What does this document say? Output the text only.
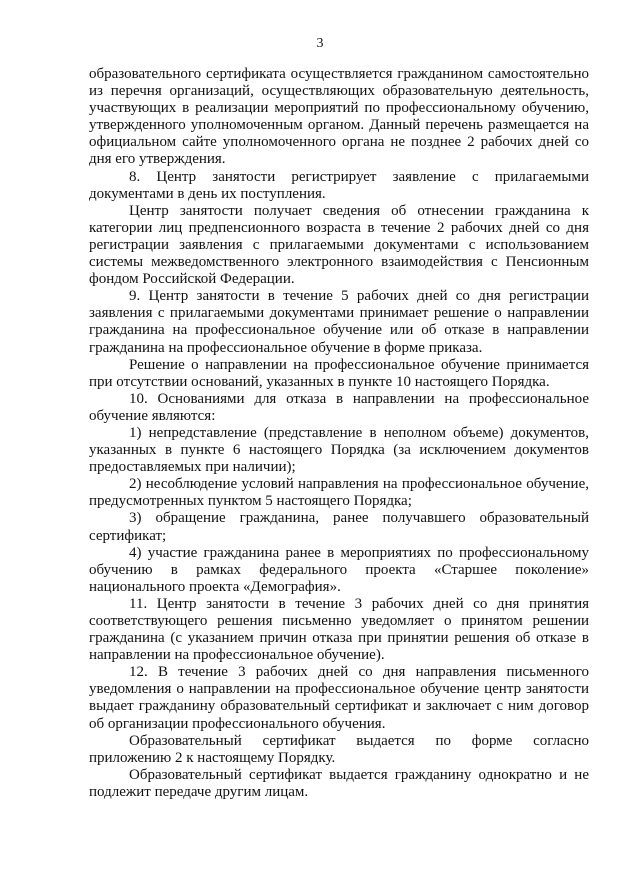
3

образовательного сертификата осуществляется гражданином самостоятельно из перечня организаций, осуществляющих образовательную деятельность, участвующих в реализации мероприятий по профессиональному обучению, утвержденного уполномоченным органом. Данный перечень размещается на официальном сайте уполномоченного органа не позднее 2 рабочих дней со дня его утверждения.

8. Центр занятости регистрирует заявление с прилагаемыми документами в день их поступления.

Центр занятости получает сведения об отнесении гражданина к категории лиц предпенсионного возраста в течение 2 рабочих дней со дня регистрации заявления с прилагаемыми документами с использованием системы межведомственного электронного взаимодействия с Пенсионным фондом Российской Федерации.

9. Центр занятости в течение 5 рабочих дней со дня регистрации заявления с прилагаемыми документами принимает решение о направлении гражданина на профессиональное обучение или об отказе в направлении гражданина на профессиональное обучение в форме приказа.

Решение о направлении на профессиональное обучение принимается при отсутствии оснований, указанных в пункте 10 настоящего Порядка.

10. Основаниями для отказа в направлении на профессиональное обучение являются:

1) непредставление (представление в неполном объеме) документов, указанных в пункте 6 настоящего Порядка (за исключением документов предоставляемых при наличии);

2) несоблюдение условий направления на профессиональное обучение, предусмотренных пунктом 5 настоящего Порядка;

3) обращение гражданина, ранее получавшего образовательный сертификат;

4) участие гражданина ранее в мероприятиях по профессиональному обучению в рамках федерального проекта «Старшее поколение» национального проекта «Демография».

11. Центр занятости в течение 3 рабочих дней со дня принятия соответствующего решения письменно уведомляет о принятом решении гражданина (с указанием причин отказа при принятии решения об отказе в направлении на профессиональное обучение).

12. В течение 3 рабочих дней со дня направления письменного уведомления о направлении на профессиональное обучение центр занятости выдает гражданину образовательный сертификат и заключает с ним договор об организации профессионального обучения.

Образовательный сертификат выдается по форме согласно приложению 2 к настоящему Порядку.

Образовательный сертификат выдается гражданину однократно и не подлежит передаче другим лицам.
